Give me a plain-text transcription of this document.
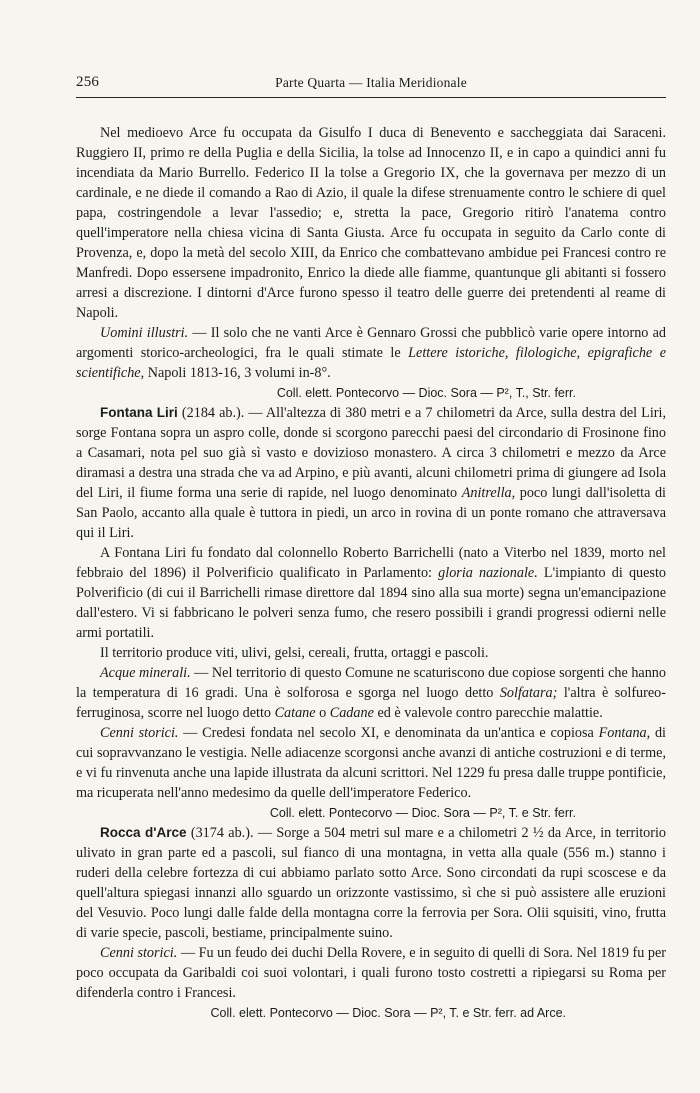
256	Parte Quarta — Italia Meridionale

Nel medioevo Arce fu occupata da Gisulfo I duca di Benevento e saccheggiata dai Saraceni. Ruggiero II, primo re della Puglia e della Sicilia, la tolse ad Innocenzo II, e in capo a quindici anni fu incendiata da Mario Burrello. Federico II la tolse a Gregorio IX, che la governava per mezzo di un cardinale, e ne diede il comando a Rao di Azio, il quale la difese strenuamente contro le schiere di quel papa, costringendole a levar l'assedio; e, stretta la pace, Gregorio ritirò l'anatema contro quell'imperatore nella chiesa vicina di Santa Giusta. Arce fu occupata in seguito da Carlo conte di Provenza, e, dopo la metà del secolo XIII, da Enrico che combattevano ambidue pei Francesi contro re Manfredi. Dopo essersene impadronito, Enrico la diede alle fiamme, quantunque gli abitanti si fossero arresi a discrezione. I dintorni d'Arce furono spesso il teatro delle guerre dei pretendenti al reame di Napoli.

Uomini illustri. — Il solo che ne vanti Arce è Gennaro Grossi che pubblicò varie opere intorno ad argomenti storico-archeologici, fra le quali stimate le Lettere istoriche, filologiche, epigrafiche e scientifiche, Napoli 1813-16, 3 volumi in-8°.

Coll. elett. Pontecorvo — Dioc. Sora — P², T., Str. ferr.

Fontana Liri (2184 ab.). — All'altezza di 380 metri e a 7 chilometri da Arce, sulla destra del Liri, sorge Fontana sopra un aspro colle, donde si scorgono parecchi paesi del circondario di Frosinone fino a Casamari, nota pel suo già sì vasto e dovizioso monastero. A circa 3 chilometri e mezzo da Arce diramasi a destra una strada che va ad Arpino, e più avanti, alcuni chilometri prima di giungere ad Isola del Liri, il fiume forma una serie di rapide, nel luogo denominato Anitrella, poco lungi dall'isoletta di San Paolo, accanto alla quale è tuttora in piedi, un arco in rovina di un ponte romano che attraversava qui il Liri.

A Fontana Liri fu fondato dal colonnello Roberto Barrichelli (nato a Viterbo nel 1839, morto nel febbraio del 1896) il Polverificio qualificato in Parlamento: gloria nazionale. L'impianto di questo Polverificio (di cui il Barrichelli rimase direttore dal 1894 sino alla sua morte) segna un'emancipazione dall'estero. Vi si fabbricano le polveri senza fumo, che resero possibili i grandi progressi odierni nelle armi portatili.

Il territorio produce viti, ulivi, gelsi, cereali, frutta, ortaggi e pascoli.

Acque minerali. — Nel territorio di questo Comune ne scaturiscono due copiose sorgenti che hanno la temperatura di 16 gradi. Una è solforosa e sgorga nel luogo detto Solfatara; l'altra è solfureo-ferruginosa, scorre nel luogo detto Catane o Cadane ed è valevole contro parecchie malattie.

Cenni storici. — Credesi fondata nel secolo XI, e denominata da un'antica e copiosa Fontana, di cui sopravvanzano le vestigia. Nelle adiacenze scorgonsi anche avanzi di antiche costruzioni e di terme, e vi fu rinvenuta anche una lapide illustrata da alcuni scrittori. Nel 1229 fu presa dalle truppe pontificie, ma ricuperata nell'anno medesimo da quelle dell'imperatore Federico.

Coll. elett. Pontecorvo — Dioc. Sora — P², T. e Str. ferr.

Rocca d'Arce (3174 ab.). — Sorge a 504 metri sul mare e a chilometri 2 ½ da Arce, in territorio ulivato in gran parte ed a pascoli, sul fianco di una montagna, in vetta alla quale (556 m.) stanno i ruderi della celebre fortezza di cui abbiamo parlato sotto Arce. Sono circondati da rupi scoscese e da quell'altura spiegasi innanzi allo sguardo un orizzonte vastissimo, sì che si può assistere alle eruzioni del Vesuvio. Poco lungi dalle falde della montagna corre la ferrovia per Sora. Olii squisiti, vino, frutta di varie specie, pascoli, bestiame, principalmente suino.

Cenni storici. — Fu un feudo dei duchi Della Rovere, e in seguito di quelli di Sora. Nel 1819 fu per poco occupata da Garibaldi coi suoi volontari, i quali furono tosto costretti a ripiegarsi su Roma per difenderla contro i Francesi.

Coll. elett. Pontecorvo — Dioc. Sora — P², T. e Str. ferr. ad Arce.
